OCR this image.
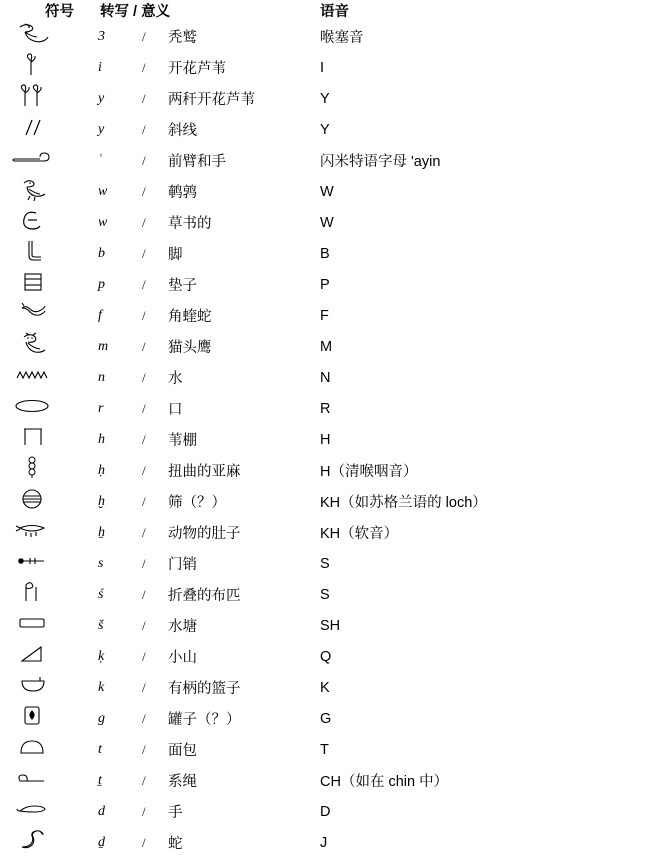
符号	转写 / 意义			语音

	3	/	秃鹫	喉塞音

	i	/	开花芦苇	I

	y	/	两秆开花芦苇	Y

	y	/	斜线	Y

	ʿ	/	前臂和手	闪米特语字母 'ayin

	w	/	鹌鹑	W

	w	/	草书的	W

	b	/	脚	B

	p	/	垫子	P

	f	/	角蝰蛇	F

	m	/	猫头鹰	M

	n	/	水	N

	r	/	口	R

	h	/	苇棚	H

	ḥ	/	扭曲的亚麻	H（清喉咽音）

	ḫ	/	筛（？）	KH（如苏格兰语的 loch）

	ẖ	/	动物的肚子	KH（软音）

	s	/	门销	S

	ś	/	折叠的布匹	S

	š	/	水塘	SH

	ḳ	/	小山	Q

	k	/	有柄的篮子	K

	g	/	罐子（？）	G

	t	/	面包	T

	ṯ	/	系绳	CH（如在 chin 中）

	d	/	手	D

	ḏ	/	蛇	J
